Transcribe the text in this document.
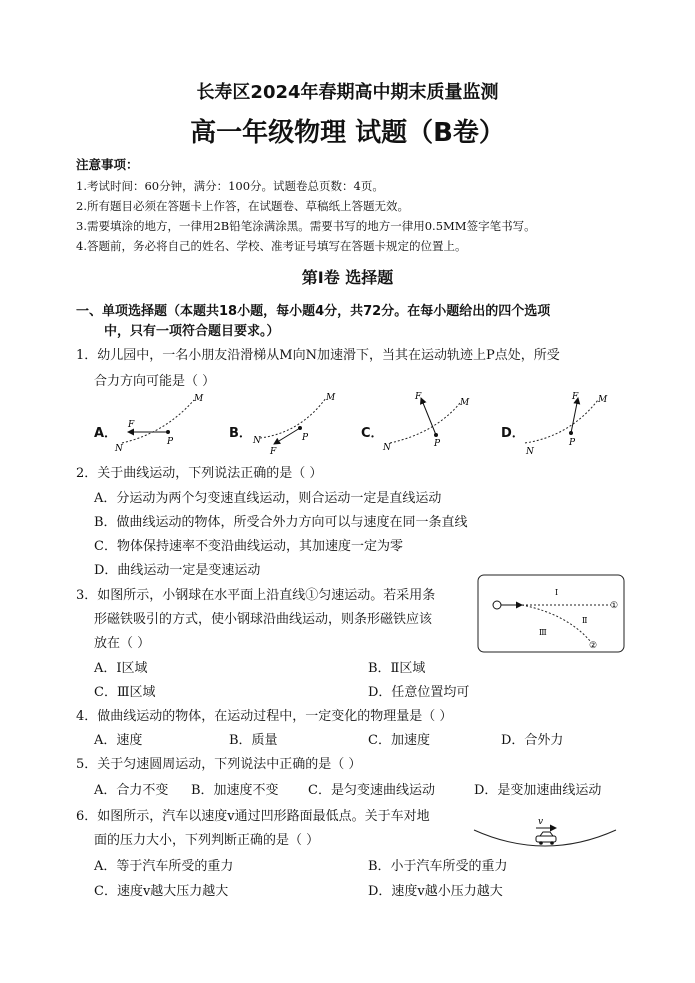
长寿区2024年春期高中期末质量监测
高一年级物理 试题（B卷）
注意事项：
1.考试时间：60分钟，满分：100分。试题卷总页数：4页。
2.所有题目必须在答题卡上作答，在试题卷、草稿纸上答题无效。
3.需要填涂的地方，一律用2B铅笔涂满涂黑。需要书写的地方一律用0.5MM签字笔书写。
4.答题前，务必将自己的姓名、学校、准考证号填写在答题卡规定的位置上。
第Ⅰ卷 选择题
一、单项选择题（本题共18小题，每小题4分，共72分。在每小题给出的四个选项
中，只有一项符合题目要求。）
1．幼儿园中，一名小朋友沿滑梯从M向N加速滑下，当其在运动轨迹上P点处，所受
合力方向可能是（ ）
A．	B．	C．	D．
N
M
P
F
N
M
P
F	N
M
P
F
N
M
P
F
2．关于曲线运动，下列说法正确的是（ ）
A．分运动为两个匀变速直线运动，则合运动一定是直线运动
B．做曲线运动的物体，所受合外力方向可以与速度在同一条直线
C．物体保持速率不变沿曲线运动，其加速度一定为零
D．曲线运动一定是变速运动
3．如图所示，小钢球在水平面上沿直线①匀速运动。若采用条
形磁铁吸引的方式，使小钢球沿曲线运动，则条形磁铁应该
放在（ ）
Ⅰ
Ⅱ
Ⅲ
①
②
A．Ⅰ区域	B．Ⅱ区域
C．Ⅲ区域	D．任意位置均可
4．做曲线运动的物体，在运动过程中，一定变化的物理量是（ ）
A．速度	B．质量	C．加速度	D．合外力
5．关于匀速圆周运动，下列说法中正确的是（ ）
A．合力不变 B．加速度不变 C．是匀变速曲线运动	D．是变加速曲线运动
6．如图所示，汽车以速度v通过凹形路面最低点。关于车对地
面的压力大小，下列判断正确的是（ ）
v
A．等于汽车所受的重力	B．小于汽车所受的重力
C．速度v越大压力越大	D．速度v越小压力越大
